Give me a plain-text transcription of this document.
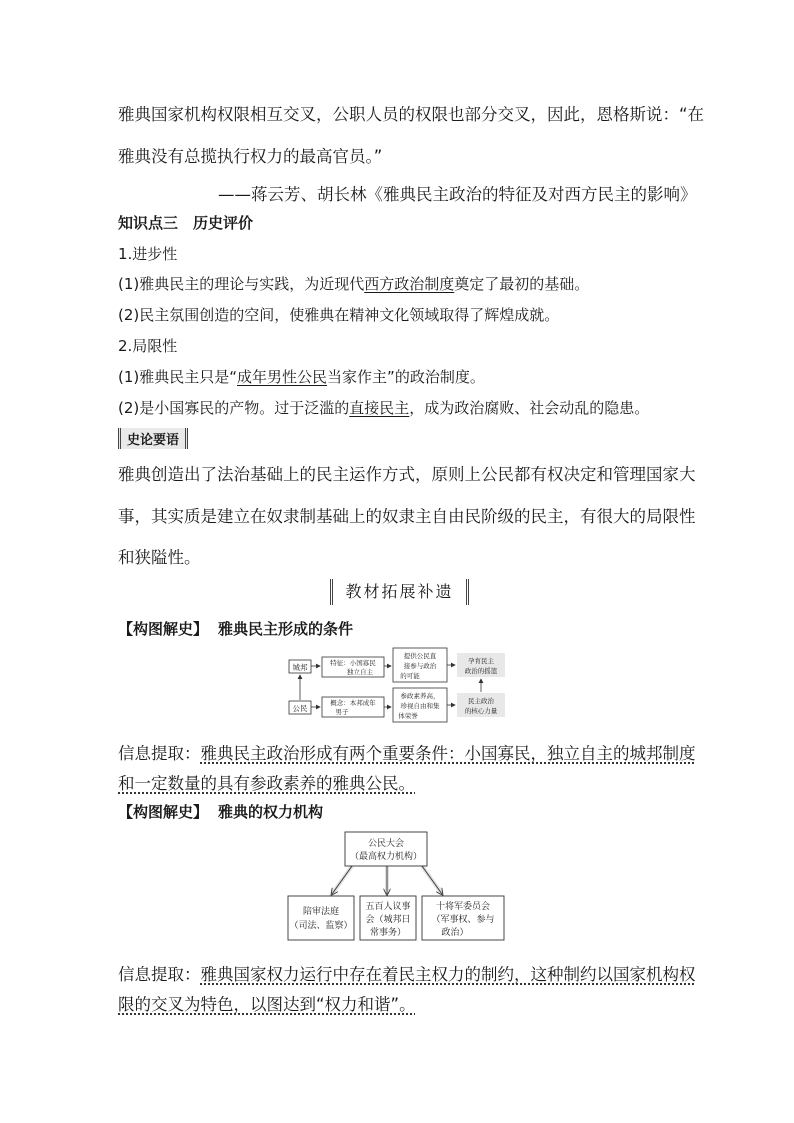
雅典国家机构权限相互交叉，公职人员的权限也部分交叉，因此，恩格斯说：“在
雅典没有总揽执行权力的最高官员。”
——蒋云芳、胡长林《雅典民主政治的特征及对西方民主的影响》
知识点三　历史评价
1.进步性
(1)雅典民主的理论与实践，为近现代西方政治制度奠定了最初的基础。
(2)民主氛围创造的空间，使雅典在精神文化领域取得了辉煌成就。
2.局限性
(1)雅典民主只是“成年男性公民当家作主”的政治制度。
(2)是小国寡民的产物。过于泛滥的直接民主，成为政治腐败、社会动乱的隐患。
史论要语
雅典创造出了法治基础上的民主运作方式，原则上公民都有权决定和管理国家大
事，其实质是建立在奴隶制基础上的奴隶主自由民阶级的民主，有很大的局限性
和狭隘性。
教材拓展补遗
【构图解史】 雅典民主形成的条件
城邦
公民
特征：小国寡民
独立自主
概念：本邦成年
男子
提供公民直
接参与政治
的可能
参政素养高，
珍视自由和集
体荣誉
孕育民主
政治的摇篮
民主政治
的核心力量
信息提取：雅典民主政治形成有两个重要条件：小国寡民，独立自主的城邦制度
和一定数量的具有参政素养的雅典公民。
【构图解史】 雅典的权力机构
公民大会
（最高权力机构）
陪审法庭
（司法、监察）
五百人议事
会（城邦日
常事务）
十将军委员会
（军事权、参与
政治）
信息提取：雅典国家权力运行中存在着民主权力的制约，这种制约以国家机构权
限的交叉为特色，以图达到“权力和谐”。
